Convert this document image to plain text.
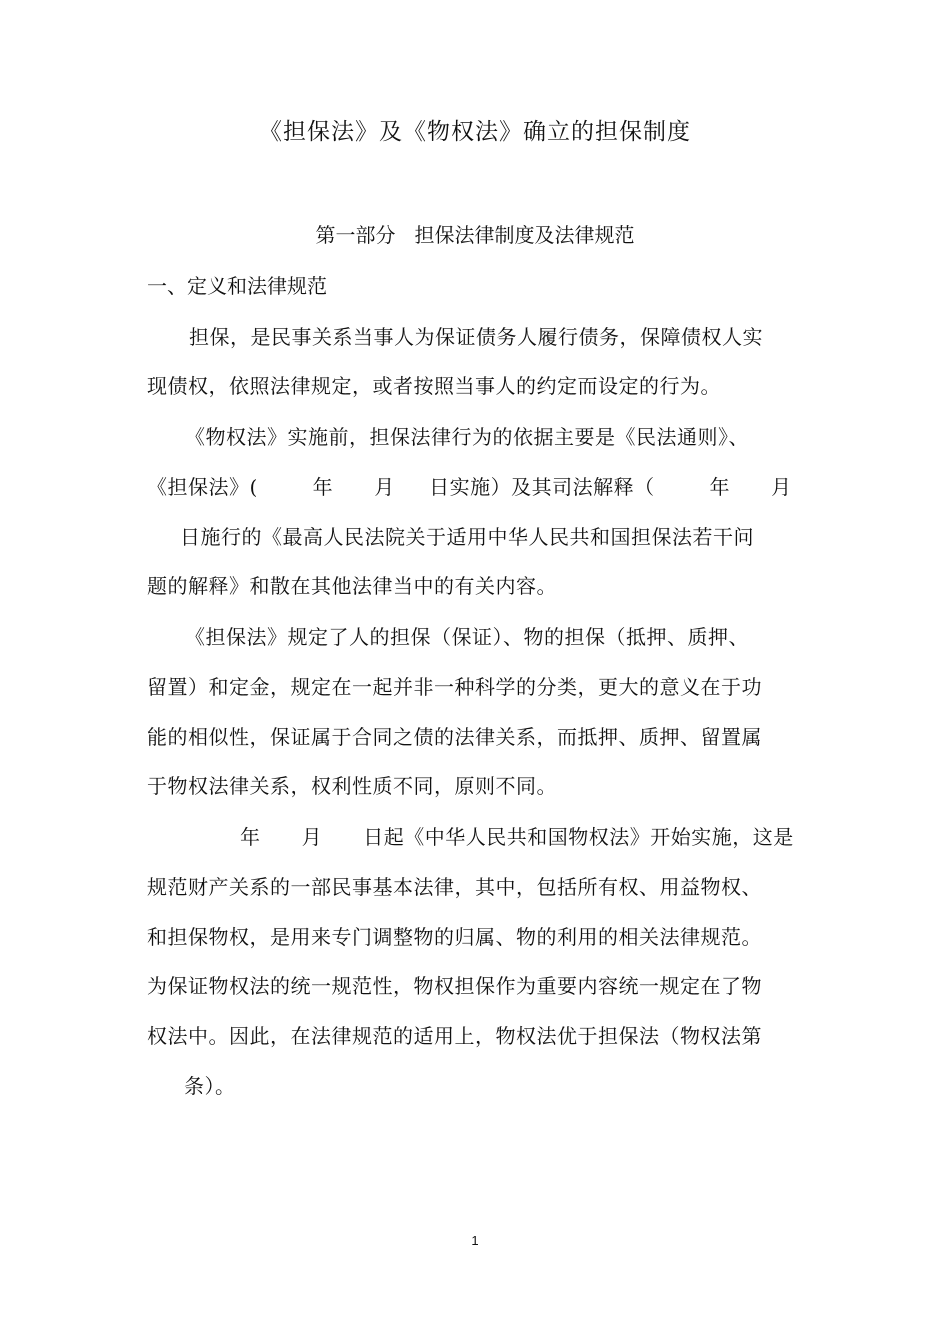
《担保法》及《物权法》确立的担保制度
第一部分   担保法律制度及法律规范
一、定义和法律规范

担保，是民事关系当事人为保证债务人履行债务，保障债权人实

现债权，依照法律规定，或者按照当事人的约定而设定的行为。

《物权法》实施前，担保法律行为的依据主要是《民法通则》、

《担保法》(        年      月     日实施）及其司法解释（        年      月

日施行的《最高人民法院关于适用中华人民共和国担保法若干问

题的解释》和散在其他法律当中的有关内容。

《担保法》规定了人的担保（保证）、物的担保（抵押、质押、

留置）和定金，规定在一起并非一种科学的分类，更大的意义在于功

能的相似性，保证属于合同之债的法律关系，而抵押、质押、留置属

于物权法律关系，权利性质不同，原则不同。

年      月      日起《中华人民共和国物权法》开始实施，这是

规范财产关系的一部民事基本法律，其中，包括所有权、用益物权、

和担保物权，是用来专门调整物的归属、物的利用的相关法律规范。

为保证物权法的统一规范性，物权担保作为重要内容统一规定在了物

权法中。因此，在法律规范的适用上，物权法优于担保法（物权法第

条）。

1
